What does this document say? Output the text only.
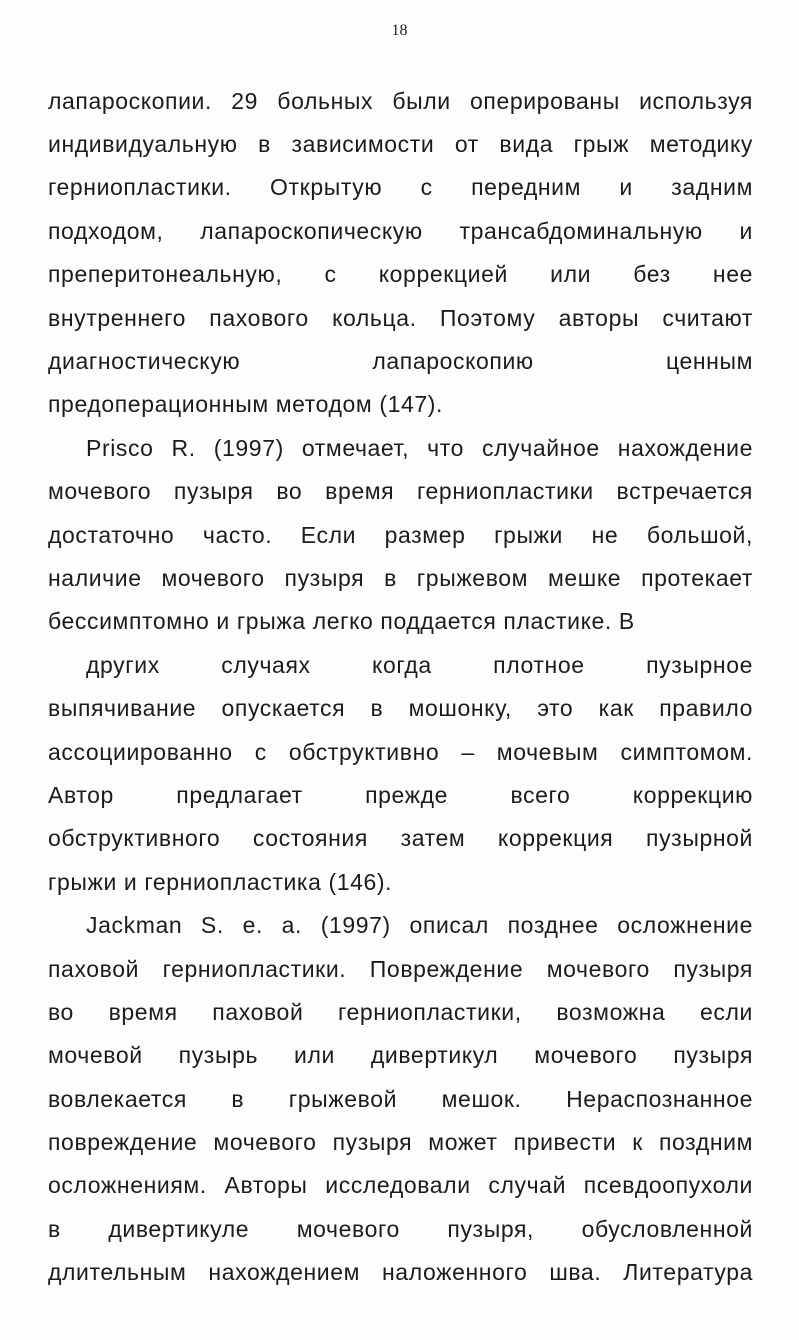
18
лапароскопии. 29 больных были оперированы используя
индивидуальную в зависимости от вида грыж методику
герниопластики. Открытую с передним и задним
подходом, лапароскопическую трансабдоминальную и
преперитонеальную, с коррекцией или без нее
внутреннего пахового кольца. Поэтому авторы считают
диагностическую лапароскопию ценным
предоперационным методом (147).
Prisco R. (1997) отмечает, что случайное нахождение
мочевого пузыря во время герниопластики встречается
достаточно часто. Если размер грыжи не большой,
наличие мочевого пузыря в грыжевом мешке протекает
бессимптомно и грыжа легко поддается пластике. В
других случаях когда плотное пузырное
выпячивание опускается в мошонку, это как правило
ассоциированно с обструктивно – мочевым симптомом.
Автор предлагает прежде всего коррекцию
обструктивного состояния затем коррекция пузырной
грыжи и герниопластика (146).
Jackman S. e. a. (1997) описал позднее осложнение
паховой герниопластики. Повреждение мочевого пузыря
во время паховой герниопластики, возможна если
мочевой пузырь или дивертикул мочевого пузыря
вовлекается в грыжевой мешок. Нераспознанное
повреждение мочевого пузыря может привести к поздним
осложнениям. Авторы исследовали случай псевдоопухоли
в дивертикуле мочевого пузыря, обусловленной
длительным нахождением наложенного шва. Литература
